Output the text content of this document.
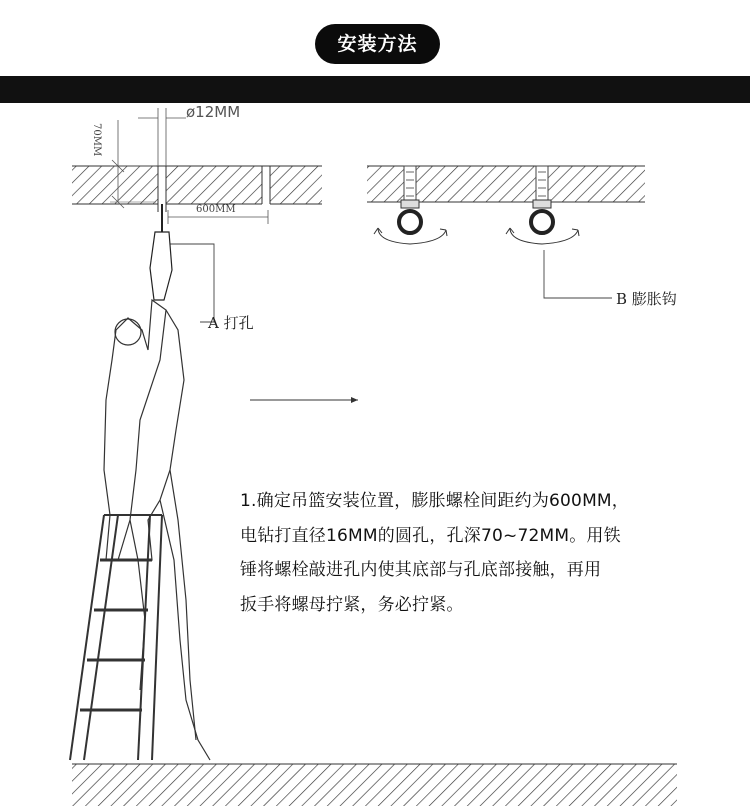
安装方法
ø12MM
70MM
600MM
A 打孔
B 膨胀钩
1.确定吊篮安装位置，膨胀螺栓间距约为600MM，
电钻打直径16MM的圆孔，孔深70~72MM。用铁
锤将螺栓敲进孔内使其底部与孔底部接触，再用
扳手将螺母拧紧，务必拧紧。
